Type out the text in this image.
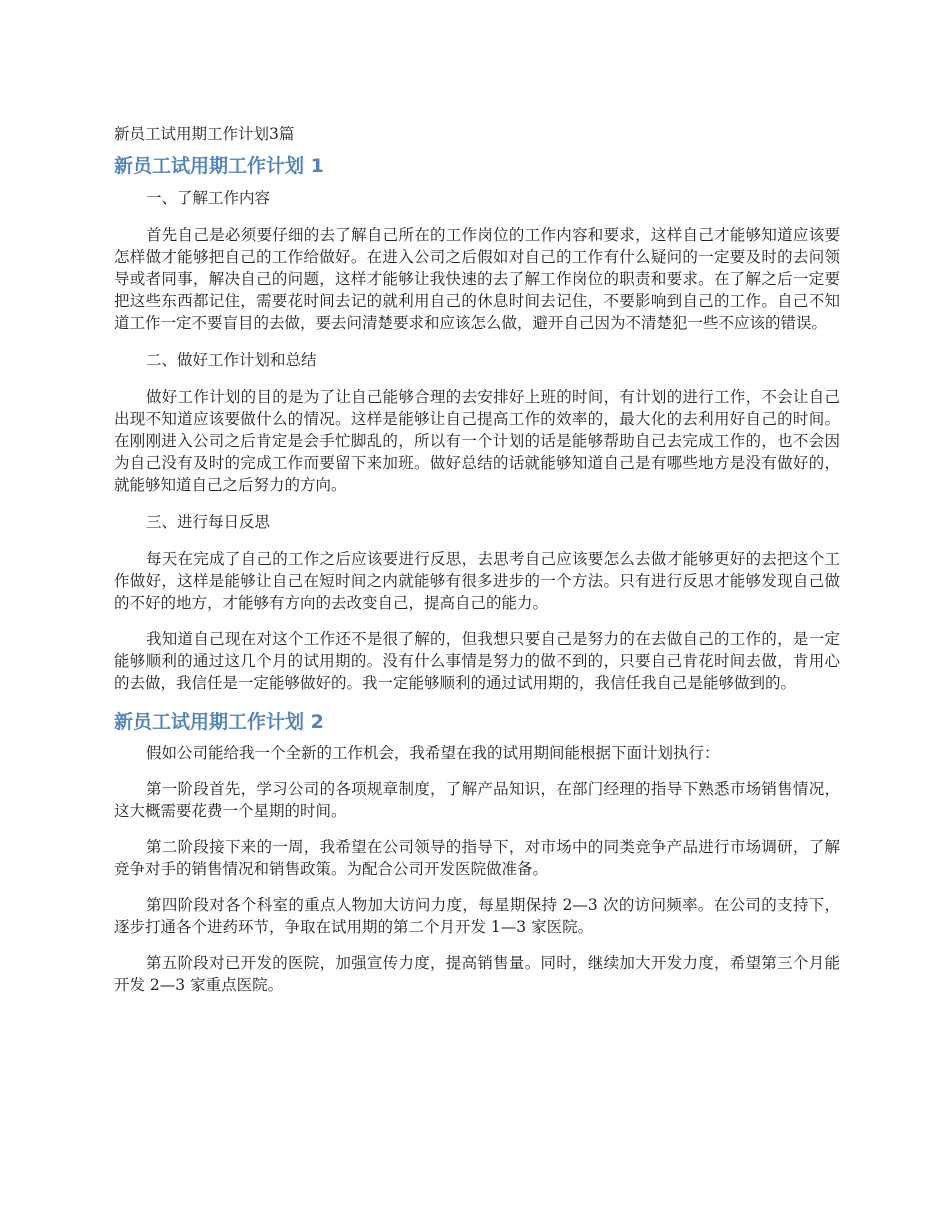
新员工试用期工作计划3篇
新员工试用期工作计划 1
一、了解工作内容

首先自己是必须要仔细的去了解自己所在的工作岗位的工作内容和要求，这样自己才能够知道应该要怎样做才能够把自己的工作给做好。在进入公司之后假如对自己的工作有什么疑问的一定要及时的去问领导或者同事，解决自己的问题，这样才能够让我快速的去了解工作岗位的职责和要求。在了解之后一定要把这些东西都记住，需要花时间去记的就利用自己的休息时间去记住，不要影响到自己的工作。自己不知道工作一定不要盲目的去做，要去问清楚要求和应该怎么做，避开自己因为不清楚犯一些不应该的错误。

二、做好工作计划和总结

做好工作计划的目的是为了让自己能够合理的去安排好上班的时间，有计划的进行工作，不会让自己出现不知道应该要做什么的情况。这样是能够让自己提高工作的效率的，最大化的去利用好自己的时间。在刚刚进入公司之后肯定是会手忙脚乱的，所以有一个计划的话是能够帮助自己去完成工作的，也不会因为自己没有及时的完成工作而要留下来加班。做好总结的话就能够知道自己是有哪些地方是没有做好的，就能够知道自己之后努力的方向。

三、进行每日反思

每天在完成了自己的工作之后应该要进行反思，去思考自己应该要怎么去做才能够更好的去把这个工作做好，这样是能够让自己在短时间之内就能够有很多进步的一个方法。只有进行反思才能够发现自己做的不好的地方，才能够有方向的去改变自己，提高自己的能力。

我知道自己现在对这个工作还不是很了解的，但我想只要自己是努力的在去做自己的工作的，是一定能够顺利的通过这几个月的试用期的。没有什么事情是努力的做不到的，只要自己肯花时间去做，肯用心的去做，我信任是一定能够做好的。我一定能够顺利的通过试用期的，我信任我自己是能够做到的。

新员工试用期工作计划 2

假如公司能给我一个全新的工作机会，我希望在我的试用期间能根据下面计划执行：

第一阶段首先，学习公司的各项规章制度，了解产品知识，在部门经理的指导下熟悉市场销售情况，这大概需要花费一个星期的时间。

第二阶段接下来的一周，我希望在公司领导的指导下，对市场中的同类竞争产品进行市场调研，了解竞争对手的销售情况和销售政策。为配合公司开发医院做准备。

第四阶段对各个科室的重点人物加大访问力度，每星期保持 2—3 次的访问频率。在公司的支持下，逐步打通各个进药环节，争取在试用期的第二个月开发 1—3 家医院。

第五阶段对已开发的医院，加强宣传力度，提高销售量。同时，继续加大开发力度，希望第三个月能开发 2—3 家重点医院。
